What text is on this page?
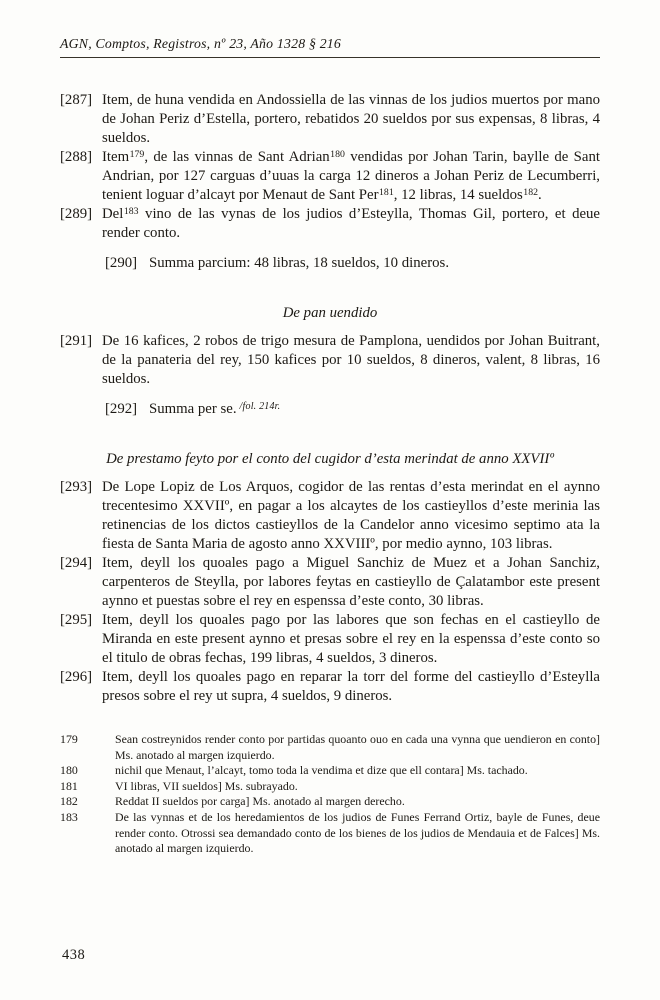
AGN, Comptos, Registros, nº 23, Año 1328 § 216
[287] Item, de huna vendida en Andossiella de las vinnas de los judios muertos por mano de Johan Periz d’Estella, portero, rebatidos 20 sueldos por sus expensas, 8 libras, 4 sueldos.
[288] Item$^{179}$, de las vinnas de Sant Adrian$^{180}$ vendidas por Johan Tarin, baylle de Sant Andrian, por 127 carguas d’uuas la carga 12 dineros a Johan Periz de Lecumberri, tenient loguar d’alcayt por Menaut de Sant Per$^{181}$, 12 libras, 14 sueldos$^{182}$.
[289] Del$^{183}$ vino de las vynas de los judios d’Esteylla, Thomas Gil, portero, et deue render conto.
[290] Summa parcium: 48 libras, 18 sueldos, 10 dineros.
De pan uendido
[291] De 16 kafices, 2 robos de trigo mesura de Pamplona, uendidos por Johan Buitrant, de la panateria del rey, 150 kafices por 10 sueldos, 8 dineros, valent, 8 libras, 16 sueldos.
[292] Summa per se. $^{/fol. 214r.}$
De prestamo feyto por el conto del cugidor d’esta merindat de anno XXVIIº
[293] De Lope Lopiz de Los Arquos, cogidor de las rentas d’esta merindat en el aynno trecentesimo XXVIIº, en pagar a los alcaytes de los castieyllos d’este merinia las retinencias de los dictos castieyllos de la Candelor anno vicesimo septimo ata la fiesta de Santa Maria de agosto anno XXVIIIº, por medio aynno, 103 libras.
[294] Item, deyll los quoales pago a Miguel Sanchiz de Muez et a Johan Sanchiz, carpenteros de Steylla, por labores feytas en castieyllo de Çalatambor este present aynno et puestas sobre el rey en espenssa d’este conto, 30 libras.
[295] Item, deyll los quoales pago por las labores que son fechas en el castieyllo de Miranda en este present aynno et presas sobre el rey en la espenssa d’este conto so el titulo de obras fechas, 199 libras, 4 sueldos, 3 dineros.
[296] Item, deyll los quoales pago en reparar la torr del forme del castieyllo d’Esteylla presos sobre el rey ut supra, 4 sueldos, 9 dineros.
179	Sean costreynidos render conto por partidas quoanto ouo en cada una vynna que uendieron en conto] Ms. anotado al margen izquierdo.
180	nichil que Menaut, l’alcayt, tomo toda la vendima et dize que ell contara] Ms. tachado.
181	VI libras, VII sueldos] Ms. subrayado.
182	Reddat II sueldos por carga] Ms. anotado al margen derecho.
183	De las vynnas et de los heredamientos de los judios de Funes Ferrand Ortiz, bayle de Funes, deue render conto. Otrossi sea demandado conto de los bienes de los judios de Mendauia et de Falces] Ms. anotado al margen izquierdo.
438
